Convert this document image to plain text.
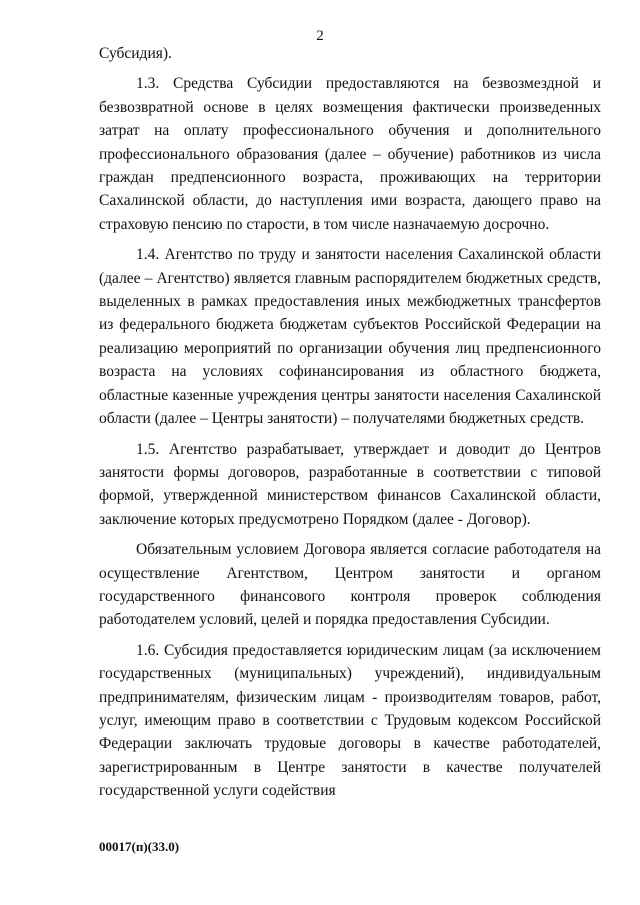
2

Субсидия).

1.3. Средства Субсидии предоставляются на безвозмездной и безвозвратной основе в целях возмещения фактически произведенных затрат на оплату профессионального обучения и дополнительного профессионального образования (далее – обучение) работников из числа граждан предпенсионного возраста, проживающих на территории Сахалинской области, до наступления ими возраста, дающего право на страховую пенсию по старости, в том числе назначаемую досрочно.

1.4. Агентство по труду и занятости населения Сахалинской области (далее – Агентство) является главным распорядителем бюджетных средств, выделенных в рамках предоставления иных межбюджетных трансфертов из федерального бюджета бюджетам субъектов Российской Федерации на реализацию мероприятий по организации обучения лиц предпенсионного возраста на условиях софинансирования из областного бюджета, областные казенные учреждения центры занятости населения Сахалинской области (далее – Центры занятости) – получателями бюджетных средств.

1.5. Агентство разрабатывает, утверждает и доводит до Центров занятости формы договоров, разработанные в соответствии с типовой формой, утвержденной министерством финансов Сахалинской области, заключение которых предусмотрено Порядком (далее - Договор).

Обязательным условием Договора является согласие работодателя на осуществление Агентством, Центром занятости и органом государственного финансового контроля проверок соблюдения работодателем условий, целей и порядка предоставления Субсидии.

1.6. Субсидия предоставляется юридическим лицам (за исключением государственных (муниципальных) учреждений), индивидуальным предпринимателям, физическим лицам - производителям товаров, работ, услуг, имеющим право в соответствии с Трудовым кодексом Российской Федерации заключать трудовые договоры в качестве работодателей, зарегистрированным в Центре занятости в качестве получателей государственной услуги содействия

00017(п)(33.0)
